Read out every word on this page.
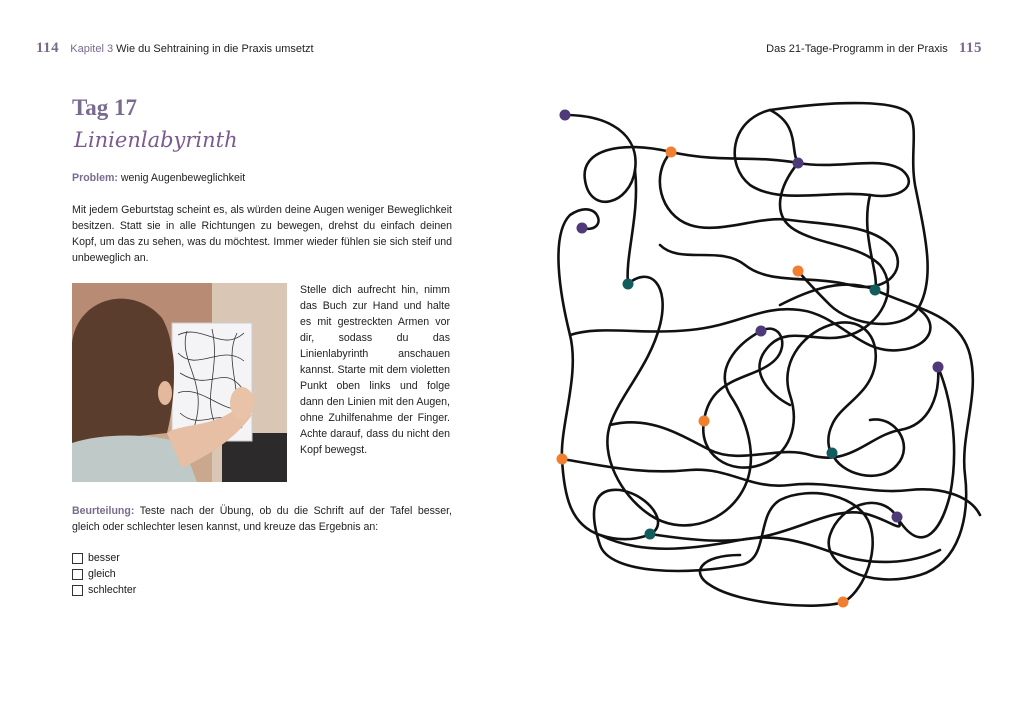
114 Kapitel 3 Wie du Sehtraining in die Praxis umsetzt	Das 21-Tage-Programm in der Praxis 115
Tag 17
Linienlabyrinth
Problem: wenig Augenbeweglichkeit
Mit jedem Geburtstag scheint es, als würden deine Augen weniger Beweglichkeit besitzen. Statt sie in alle Richtungen zu bewegen, drehst du einfach deinen Kopf, um das zu sehen, was du möchtest. Immer wieder fühlen sie sich steif und unbeweglich an.
Stelle dich aufrecht hin, nimm das Buch zur Hand und halte es mit gestreckten Armen vor dir, sodass du das Linienlabyrinth anschauen kannst. Starte mit dem violetten Punkt oben links und folge dann den Linien mit den Augen, ohne Zuhilfenahme der Finger. Achte darauf, dass du nicht den Kopf bewegst.
Beurteilung: Teste nach der Übung, ob du die Schrift auf der Tafel besser, gleich oder schlechter lesen kannst, und kreuze das Ergebnis an:
besser
gleich
schlechter
